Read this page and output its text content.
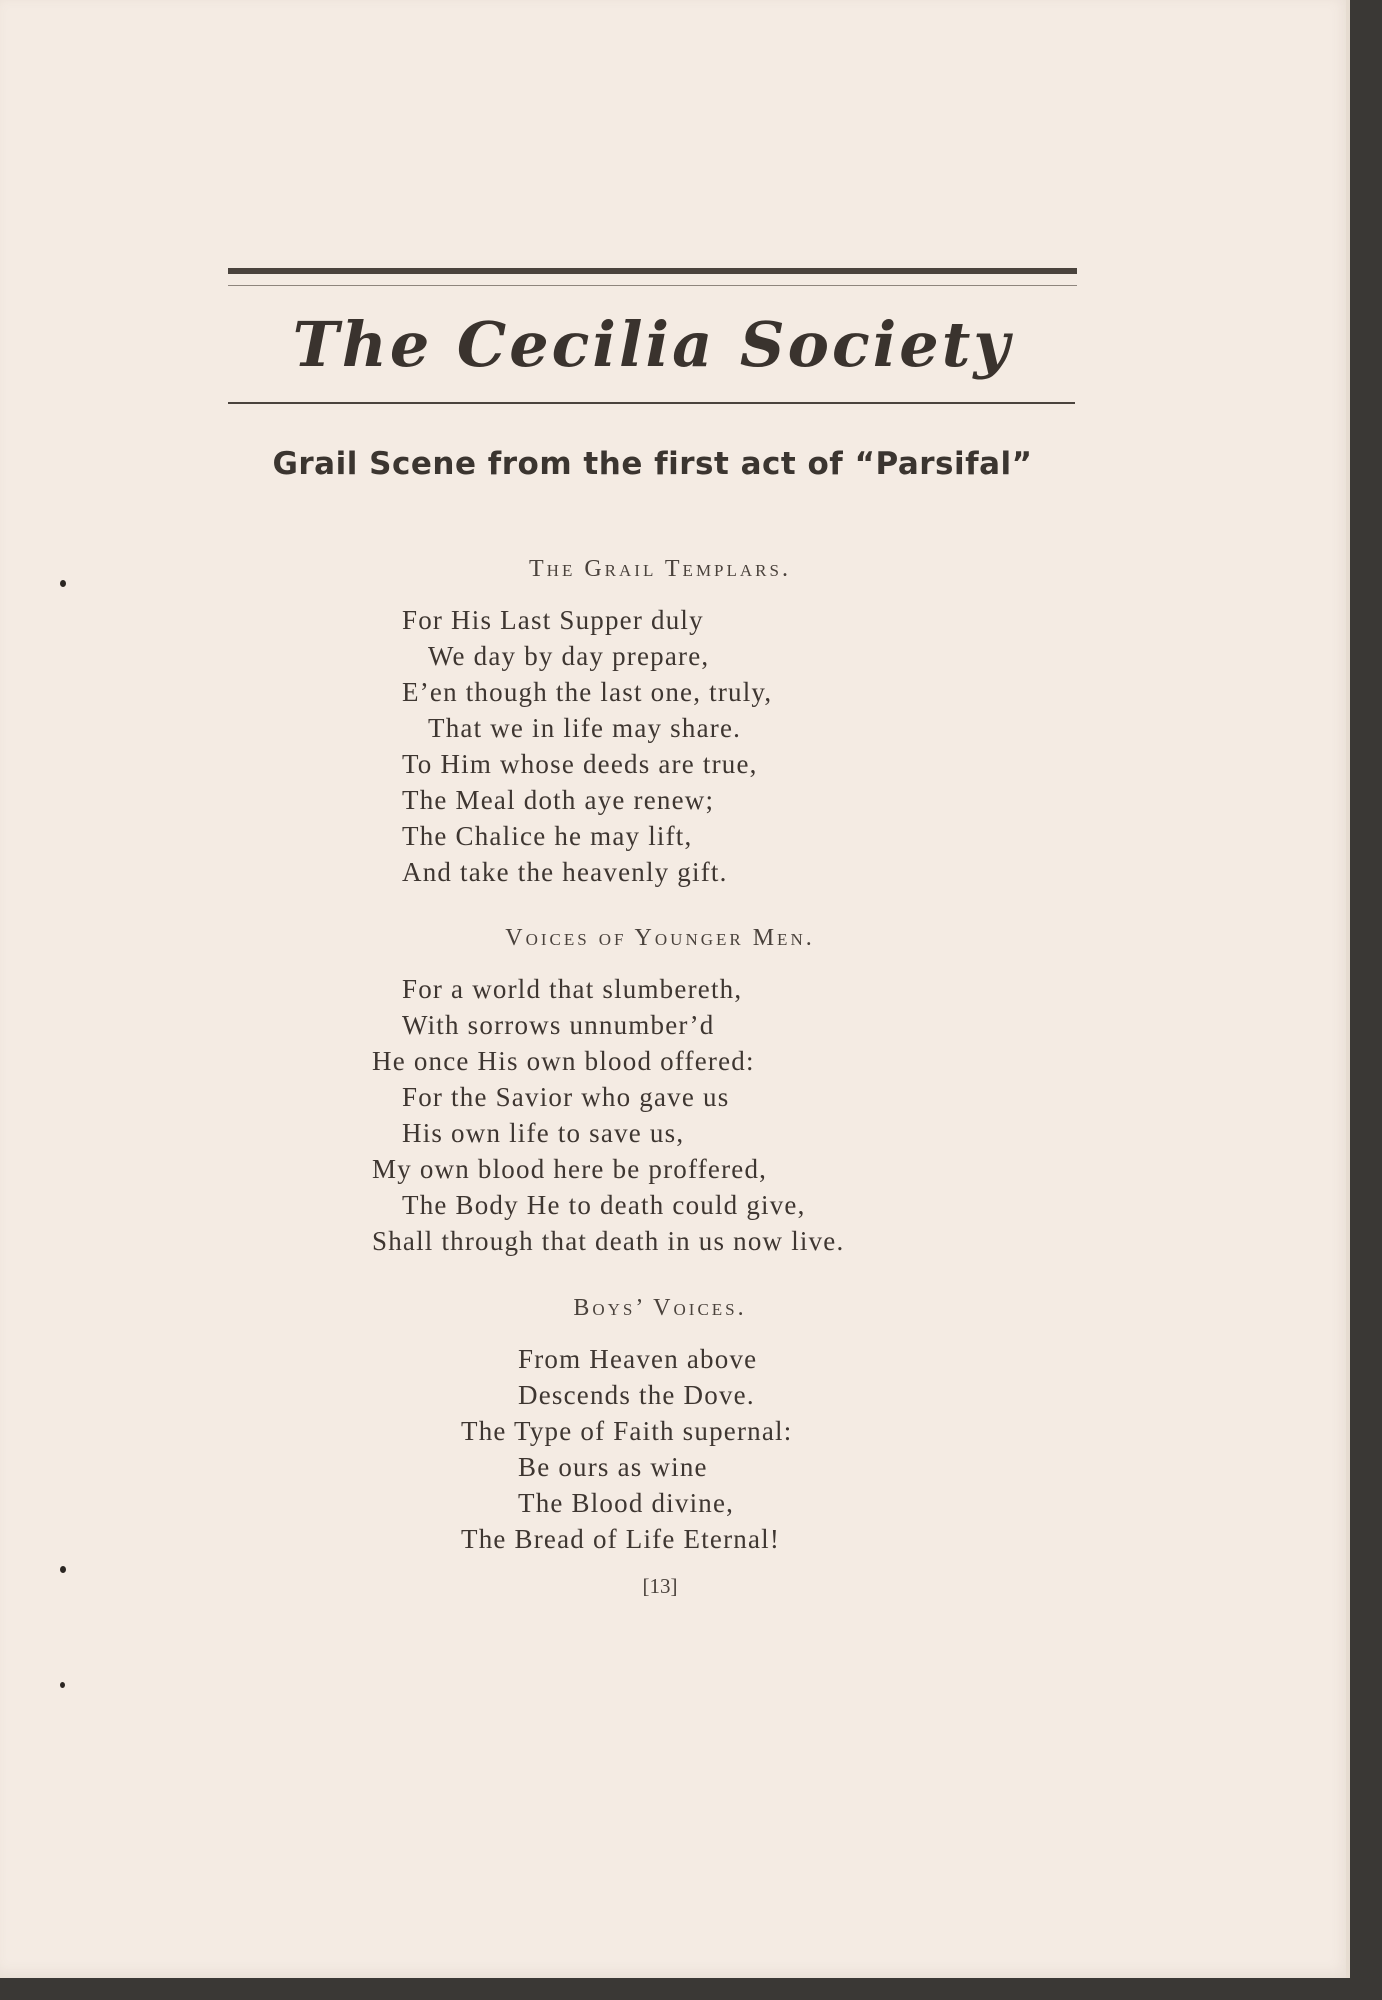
The Cecilia Society
Grail Scene from the first act of “Parsifal”
The Grail Templars.
For His Last Supper duly
We day by day prepare,
E’en though the last one, truly,
That we in life may share.
To Him whose deeds are true,
The Meal doth aye renew;
The Chalice he may lift,
And take the heavenly gift.
Voices of Younger Men.
For a world that slumbereth,
With sorrows unnumber’d
He once His own blood offered:
For the Savior who gave us
His own life to save us,
My own blood here be proffered,
The Body He to death could give,
Shall through that death in us now live.
Boys’ Voices.
From Heaven above
Descends the Dove.
The Type of Faith supernal:
Be ours as wine
The Blood divine,
The Bread of Life Eternal!
[13]
